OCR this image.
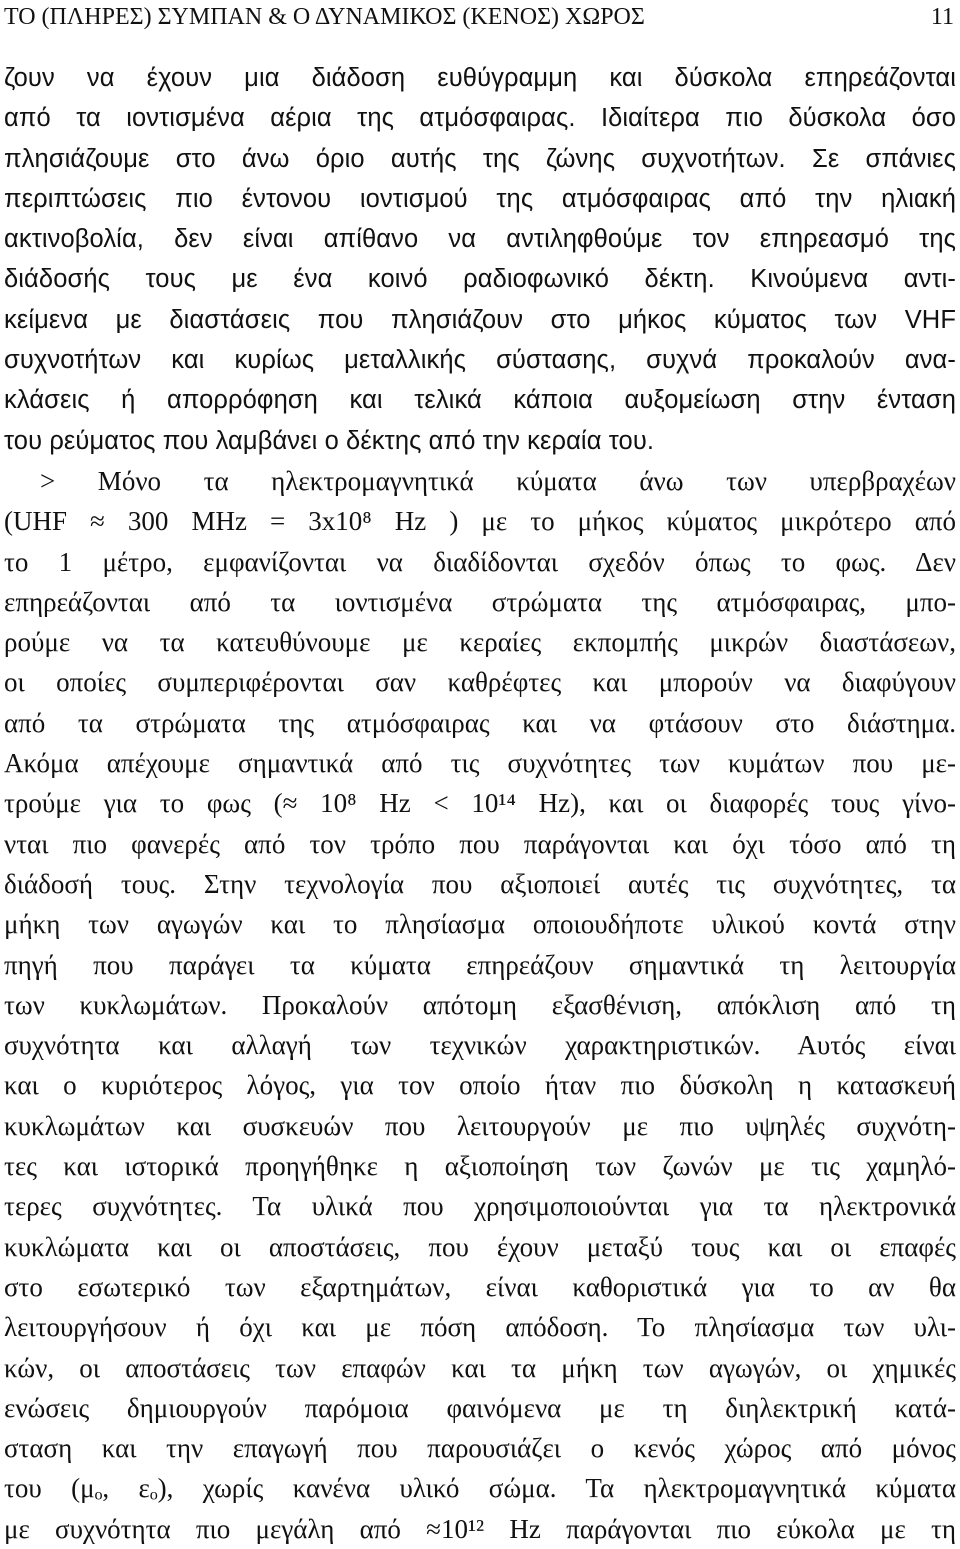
ΤΟ (ΠΛΗΡΕΣ) ΣΥΜΠΑΝ & Ο ΔΥΝΑΜΙΚΟΣ (ΚΕΝΟΣ) ΧΩΡΟΣ	11
ζουν να έχουν μια διάδοση ευθύγραμμη και δύσκολα επηρεάζονται
από τα ιοντισμένα αέρια της ατμόσφαιρας. Ιδιαίτερα πιο δύσκολα όσο
πλησιάζουμε στο άνω όριο αυτής της ζώνης συχνοτήτων. Σε σπάνιες
περιπτώσεις πιο έντονου ιοντισμού της ατμόσφαιρας από την ηλιακή
ακτινοβολία, δεν είναι απίθανο να αντιληφθούμε τον επηρεασμό της
διάδοσής τους με ένα κοινό ραδιοφωνικό δέκτη. Κινούμενα αντι-
κείμενα με διαστάσεις που πλησιάζουν στο μήκος κύματος των VHF
συχνοτήτων και κυρίως μεταλλικής σύστασης, συχνά προκαλούν ανα-
κλάσεις ή απορρόφηση και τελικά κάποια αυξομείωση στην ένταση
του ρεύματος που λαμβάνει ο δέκτης από την κεραία του.
> Μόνο τα ηλεκτρομαγνητικά κύματα άνω των υπερβραχέων
(UHF ≈ 300 MHz = 3x10⁸ Hz ) με το μήκος κύματος μικρότερο από
το 1 μέτρο, εμφανίζονται να διαδίδονται σχεδόν όπως το φως. Δεν
επηρεάζονται από τα ιοντισμένα στρώματα της ατμόσφαιρας, μπο-
ρούμε να τα κατευθύνουμε με κεραίες εκπομπής μικρών διαστάσεων,
οι οποίες συμπεριφέρονται σαν καθρέφτες και μπορούν να διαφύγουν
από τα στρώματα της ατμόσφαιρας και να φτάσουν στο διάστημα.
Ακόμα απέχουμε σημαντικά από τις συχνότητες των κυμάτων που με-
τρούμε για το φως (≈ 10⁸ Hz < 10¹⁴ Hz), και οι διαφορές τους γίνο-
νται πιο φανερές από τον τρόπο που παράγονται και όχι τόσο από τη
διάδοσή τους. Στην τεχνολογία που αξιοποιεί αυτές τις συχνότητες, τα
μήκη των αγωγών και το πλησίασμα οποιουδήποτε υλικού κοντά στην
πηγή που παράγει τα κύματα επηρεάζουν σημαντικά τη λειτουργία
των κυκλωμάτων. Προκαλούν απότομη εξασθένιση, απόκλιση από τη
συχνότητα και αλλαγή των τεχνικών χαρακτηριστικών. Αυτός είναι
και ο κυριότερος λόγος, για τον οποίο ήταν πιο δύσκολη η κατασκευή
κυκλωμάτων και συσκευών που λειτουργούν με πιο υψηλές συχνότη-
τες και ιστορικά προηγήθηκε η αξιοποίηση των ζωνών με τις χαμηλό-
τερες συχνότητες. Τα υλικά που χρησιμοποιούνται για τα ηλεκτρονικά
κυκλώματα και οι αποστάσεις, που έχουν μεταξύ τους και οι επαφές
στο εσωτερικό των εξαρτημάτων, είναι καθοριστικά για το αν θα
λειτουργήσουν ή όχι και με πόση απόδοση. Το πλησίασμα των υλι-
κών, οι αποστάσεις των επαφών και τα μήκη των αγωγών, οι χημικές
ενώσεις δημιουργούν παρόμοια φαινόμενα με τη διηλεκτρική κατά-
σταση και την επαγωγή που παρουσιάζει ο κενός χώρος από μόνος
του (μₒ, εₒ), χωρίς κανένα υλικό σώμα. Τα ηλεκτρομαγνητικά κύματα
με συχνότητα πιο μεγάλη από ≈10¹² Hz παράγονται πιο εύκολα με τη
